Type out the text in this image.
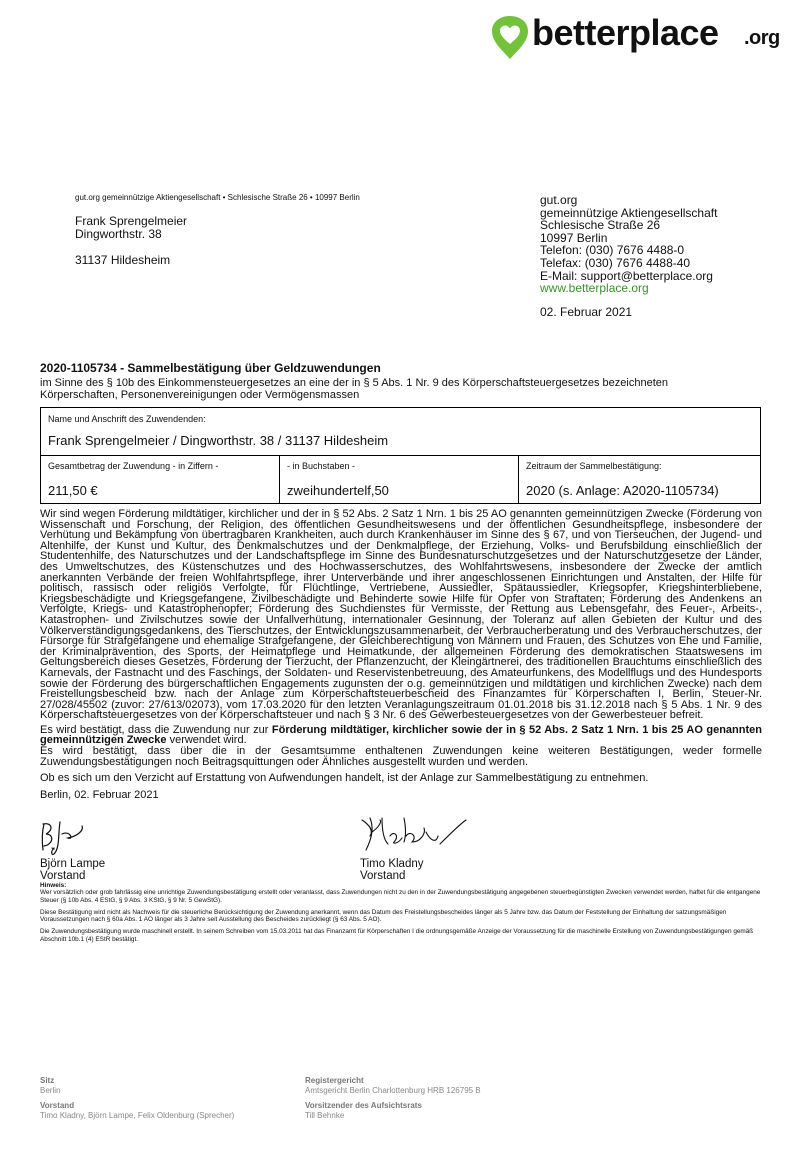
betterplace .org
gut.org gemeinnützige Aktiengesellschaft • Schlesische Straße 26 • 10997 Berlin
Frank Sprengelmeier
Dingworthstr. 38
31137 Hildesheim
gut.org
gemeinnützige Aktiengesellschaft
Schlesische Straße 26
10997 Berlin
Telefon: (030) 7676 4488-0
Telefax: (030) 7676 4488-40
E-Mail: support@betterplace.org
www.betterplace.org
02. Februar 2021
2020-1105734 - Sammelbestätigung über Geldzuwendungen
im Sinne des § 10b des Einkommensteuergesetzes an eine der in § 5 Abs. 1 Nr. 9 des Körperschaftsteuergesetzes bezeichneten Körperschaften, Personenvereinigungen oder Vermögensmassen
Name und Anschrift des Zuwendenden:
Frank Sprengelmeier / Dingworthstr. 38 / 31137 Hildesheim
Gesamtbetrag der Zuwendung - in Ziffern -
211,50 €
- in Buchstaben -
zweihundertelf,50
Zeitraum der Sammelbestätigung:
2020 (s. Anlage: A2020-1105734)

Wir sind wegen Förderung mildtätiger, kirchlicher und der in § 52 Abs. 2 Satz 1 Nrn. 1 bis 25 AO genannten gemeinnützigen Zwecke (Förderung von Wissenschaft und Forschung, der Religion, des öffentlichen Gesundheitswesens und der öffentlichen Gesundheitspflege, insbesondere der Verhütung und Bekämpfung von übertragbaren Krankheiten, auch durch Krankenhäuser im Sinne des § 67, und von Tierseuchen, der Jugend- und Altenhilfe, der Kunst und Kultur, des Denkmalschutzes und der Denkmalpflege, der Erziehung, Volks- und Berufsbildung einschließlich der Studentenhilfe, des Naturschutzes und der Landschaftspflege im Sinne des Bundesnaturschutzgesetzes und der Naturschutzgesetze der Länder, des Umweltschutzes, des Küstenschutzes und des Hochwasserschutzes, des Wohlfahrtswesens, insbesondere der Zwecke der amtlich anerkannten Verbände der freien Wohlfahrtspflege, ihrer Unterverbände und ihrer angeschlossenen Einrichtungen und Anstalten, der Hilfe für politisch, rassisch oder religiös Verfolgte, für Flüchtlinge, Vertriebene, Aussiedler, Spätaussiedler, Kriegsopfer, Kriegshinterbliebene, Kriegsbeschädigte und Kriegsgefangene, Zivilbeschädigte und Behinderte sowie Hilfe für Opfer von Straftaten; Förderung des Andenkens an Verfolgte, Kriegs- und Katastrophenopfer; Förderung des Suchdienstes für Vermisste, der Rettung aus Lebensgefahr, des Feuer-, Arbeits-, Katastrophen- und Zivilschutzes sowie der Unfallverhütung, internationaler Gesinnung, der Toleranz auf allen Gebieten der Kultur und des Völkerverständigungsgedankens, des Tierschutzes, der Entwicklungszusammenarbeit, der Verbraucherberatung und des Verbraucherschutzes, der Fürsorge für Strafgefangene und ehemalige Strafgefangene, der Gleichberechtigung von Männern und Frauen, des Schutzes von Ehe und Familie, der Kriminalprävention, des Sports, der Heimatpflege und Heimatkunde, der allgemeinen Förderung des demokratischen Staatswesens im Geltungsbereich dieses Gesetzes, Förderung der Tierzucht, der Pflanzenzucht, der Kleingärtnerei, des traditionellen Brauchtums einschließlich des Karnevals, der Fastnacht und des Faschings, der Soldaten- und Reservistenbetreuung, des Amateurfunkens, des Modellflugs und des Hundesports sowie der Förderung des bürgerschaftlichen Engagements zugunsten der o.g. gemeinnützigen und mildtätigen und kirchlichen Zwecke) nach dem Freistellungsbescheid bzw. nach der Anlage zum Körperschaftsteuerbescheid des Finanzamtes für Körperschaften I, Berlin, Steuer-Nr. 27/028/45502 (zuvor: 27/613/02073), vom 17.03.2020 für den letzten Veranlagungszeitraum 01.01.2018 bis 31.12.2018 nach § 5 Abs. 1 Nr. 9 des Körperschaftsteuergesetzes von der Körperschaftsteuer und nach § 3 Nr. 6 des Gewerbesteuergesetzes von der Gewerbesteuer befreit.

Es wird bestätigt, dass die Zuwendung nur zur Förderung mildtätiger, kirchlicher sowie der in § 52 Abs. 2 Satz 1 Nrn. 1 bis 25 AO genannten gemeinnützigen Zwecke verwendet wird.

Es wird bestätigt, dass über die in der Gesamtsumme enthaltenen Zuwendungen keine weiteren Bestätigungen, weder formelle Zuwendungsbestätigungen noch Beitragsquittungen oder Ähnliches ausgestellt wurden und werden.

Ob es sich um den Verzicht auf Erstattung von Aufwendungen handelt, ist der Anlage zur Sammelbestätigung zu entnehmen.

Berlin, 02. Februar 2021

Björn Lampe
Vorstand
Timo Kladny
Vorstand
Hinweis:
Wer vorsätzlich oder grob fahrlässig eine unrichtige Zuwendungsbestätigung erstellt oder veranlasst, dass Zuwendungen nicht zu den in der Zuwendungsbestätigung angegebenen steuerbegünstigten Zwecken verwendet werden, haftet für die entgangene Steuer (§ 10b Abs. 4 EStG, § 9 Abs. 3 KStG, § 9 Nr. 5 GewStG).
Diese Bestätigung wird nicht als Nachweis für die steuerliche Berücksichtigung der Zuwendung anerkannt, wenn das Datum des Freistellungsbescheides länger als 5 Jahre bzw. das Datum der Feststellung der Einhaltung der satzungsmäßigen Voraussetzungen nach § 60a Abs. 1 AO länger als 3 Jahre seit Ausstellung des Bescheides zurückliegt (§ 63 Abs. 5 AO).
Die Zuwendungsbestätigung wurde maschinell erstellt. In seinem Schreiben vom 15.03.2011 hat das Finanzamt für Körperschaften I die ordnungsgemäße Anzeige der Voraussetzung für die maschinelle Erstellung von Zuwendungsbestätigungen gemäß Abschnitt 10b.1 (4) EStR bestätigt.
Sitz
Berlin
Registergericht
Amtsgericht Berlin Charlottenburg HRB 126795 B
Vorstand
Timo Kladny, Björn Lampe, Felix Oldenburg (Sprecher)
Vorsitzender des Aufsichtsrats
Till Behnke
